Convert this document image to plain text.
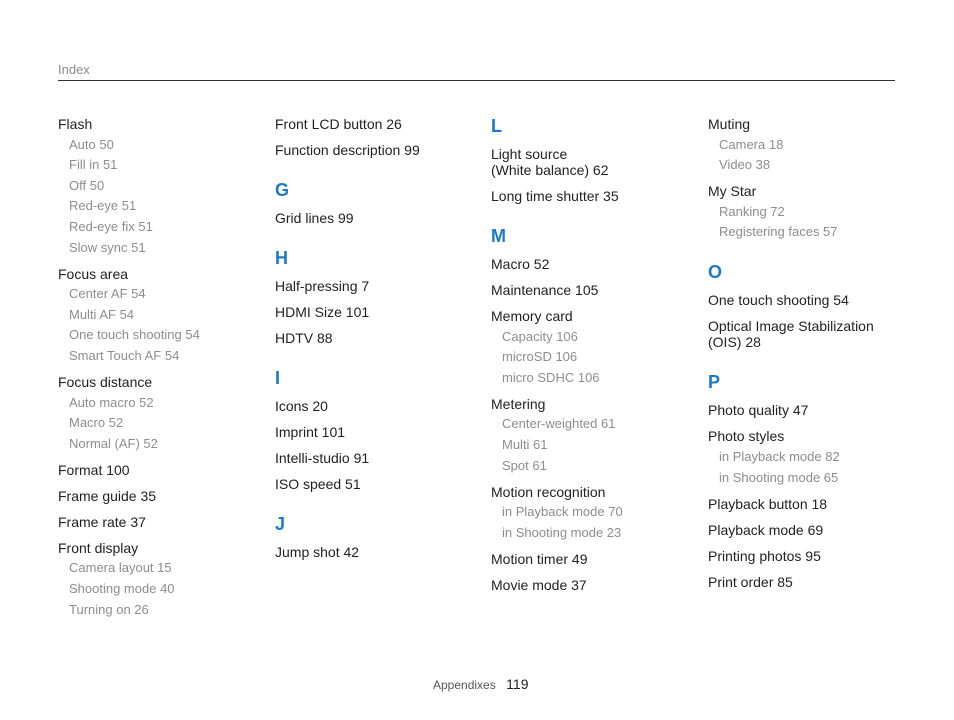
Index
Flash
Auto 50
Fill in 51
Off 50
Red-eye 51
Red-eye fix 51
Slow sync 51
Focus area
Center AF 54
Multi AF 54
One touch shooting 54
Smart Touch AF 54
Focus distance
Auto macro 52
Macro 52
Normal (AF) 52
Format 100
Frame guide 35
Frame rate 37
Front display
Camera layout 15
Shooting mode 40
Turning on 26
Front LCD button 26
Function description 99
G
Grid lines 99
H
Half-pressing 7
HDMI Size 101
HDTV 88
I
Icons 20
Imprint 101
Intelli-studio 91
ISO speed 51
J
Jump shot 42
L
Light source
(White balance) 62
Long time shutter 35
M
Macro 52
Maintenance 105
Memory card
Capacity 106
microSD 106
micro SDHC 106
Metering
Center-weighted 61
Multi 61
Spot 61
Motion recognition
in Playback mode 70
in Shooting mode 23
Motion timer 49
Movie mode 37
Muting
Camera 18
Video 38
My Star
Ranking 72
Registering faces 57
O
One touch shooting 54
Optical Image Stabilization
(OIS) 28
P
Photo quality 47
Photo styles
in Playback mode 82
in Shooting mode 65
Playback button 18
Playback mode 69
Printing photos 95
Print order 85
Appendixes 119
